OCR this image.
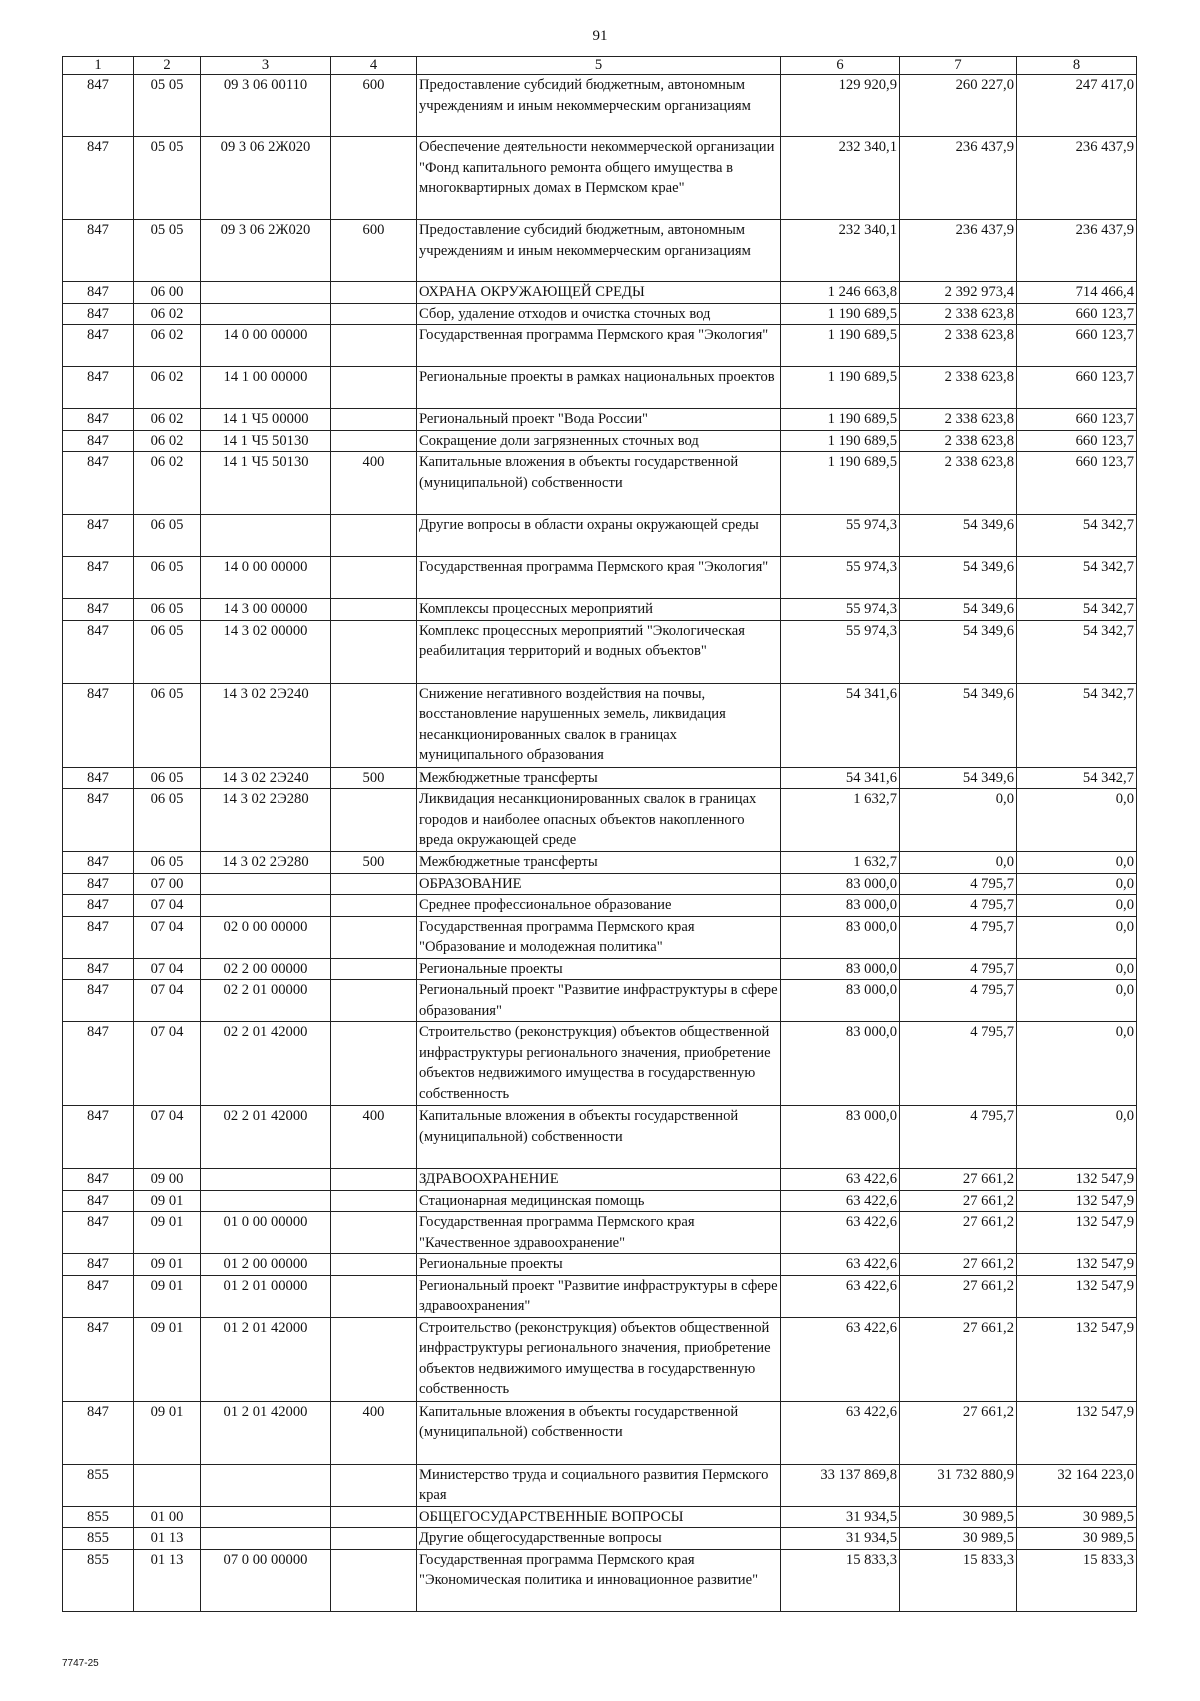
91
1	2	3	4	5	6	7	8
847	05 05	09 3 06 00110	600	Предоставление субсидий бюджетным, автономным учреждениям и иным некоммерческим организациям	129 920,9	260 227,0	247 417,0
847	05 05	09 3 06 2Ж020		Обеспечение деятельности некоммерческой организации "Фонд капитального ремонта общего имущества в многоквартирных домах в Пермском крае"	232 340,1	236 437,9	236 437,9
847	05 05	09 3 06 2Ж020	600	Предоставление субсидий бюджетным, автономным учреждениям и иным некоммерческим организациям	232 340,1	236 437,9	236 437,9
847	06 00			ОХРАНА ОКРУЖАЮЩЕЙ СРЕДЫ	1 246 663,8	2 392 973,4	714 466,4
847	06 02			Сбор, удаление отходов и очистка сточных вод	1 190 689,5	2 338 623,8	660 123,7
847	06 02	14 0 00 00000		Государственная программа Пермского края "Экология"	1 190 689,5	2 338 623,8	660 123,7
847	06 02	14 1 00 00000		Региональные проекты в рамках национальных проектов	1 190 689,5	2 338 623,8	660 123,7
847	06 02	14 1 Ч5 00000		Региональный проект "Вода России"	1 190 689,5	2 338 623,8	660 123,7
847	06 02	14 1 Ч5 50130		Сокращение доли загрязненных сточных вод	1 190 689,5	2 338 623,8	660 123,7
847	06 02	14 1 Ч5 50130	400	Капитальные вложения в объекты государственной (муниципальной) собственности	1 190 689,5	2 338 623,8	660 123,7
847	06 05			Другие вопросы в области охраны окружающей среды	55 974,3	54 349,6	54 342,7
847	06 05	14 0 00 00000		Государственная программа Пермского края "Экология"	55 974,3	54 349,6	54 342,7
847	06 05	14 3 00 00000		Комплексы процессных мероприятий	55 974,3	54 349,6	54 342,7
847	06 05	14 3 02 00000		Комплекс процессных мероприятий "Экологическая реабилитация территорий и водных объектов"	55 974,3	54 349,6	54 342,7
847	06 05	14 3 02 2Э240		Снижение негативного воздействия на почвы, восстановление нарушенных земель, ликвидация несанкционированных свалок в границах муниципального образования	54 341,6	54 349,6	54 342,7
847	06 05	14 3 02 2Э240	500	Межбюджетные трансферты	54 341,6	54 349,6	54 342,7
847	06 05	14 3 02 2Э280		Ликвидация несанкционированных свалок в границах городов и наиболее опасных объектов накопленного вреда окружающей среде	1 632,7	0,0	0,0
847	06 05	14 3 02 2Э280	500	Межбюджетные трансферты	1 632,7	0,0	0,0
847	07 00			ОБРАЗОВАНИЕ	83 000,0	4 795,7	0,0
847	07 04			Среднее профессиональное образование	83 000,0	4 795,7	0,0
847	07 04	02 0 00 00000		Государственная программа Пермского края "Образование и молодежная политика"	83 000,0	4 795,7	0,0
847	07 04	02 2 00 00000		Региональные проекты	83 000,0	4 795,7	0,0
847	07 04	02 2 01 00000		Региональный проект "Развитие инфраструктуры в сфере образования"	83 000,0	4 795,7	0,0
847	07 04	02 2 01 42000		Строительство (реконструкция) объектов общественной инфраструктуры регионального значения, приобретение объектов недвижимого имущества в государственную собственность	83 000,0	4 795,7	0,0
847	07 04	02 2 01 42000	400	Капитальные вложения в объекты государственной (муниципальной) собственности	83 000,0	4 795,7	0,0
847	09 00			ЗДРАВООХРАНЕНИЕ	63 422,6	27 661,2	132 547,9
847	09 01			Стационарная медицинская помощь	63 422,6	27 661,2	132 547,9
847	09 01	01 0 00 00000		Государственная программа Пермского края "Качественное здравоохранение"	63 422,6	27 661,2	132 547,9
847	09 01	01 2 00 00000		Региональные проекты	63 422,6	27 661,2	132 547,9
847	09 01	01 2 01 00000		Региональный проект "Развитие инфраструктуры в сфере здравоохранения"	63 422,6	27 661,2	132 547,9
847	09 01	01 2 01 42000		Строительство (реконструкция) объектов общественной инфраструктуры регионального значения, приобретение объектов недвижимого имущества в государственную собственность	63 422,6	27 661,2	132 547,9
847	09 01	01 2 01 42000	400	Капитальные вложения в объекты государственной (муниципальной) собственности	63 422,6	27 661,2	132 547,9
855				Министерство труда и социального развития Пермского края	33 137 869,8	31 732 880,9	32 164 223,0
855	01 00			ОБЩЕГОСУДАРСТВЕННЫЕ ВОПРОСЫ	31 934,5	30 989,5	30 989,5
855	01 13			Другие общегосударственные вопросы	31 934,5	30 989,5	30 989,5
855	01 13	07 0 00 00000		Государственная программа Пермского края "Экономическая политика и инновационное развитие"	15 833,3	15 833,3	15 833,3
7747-25
